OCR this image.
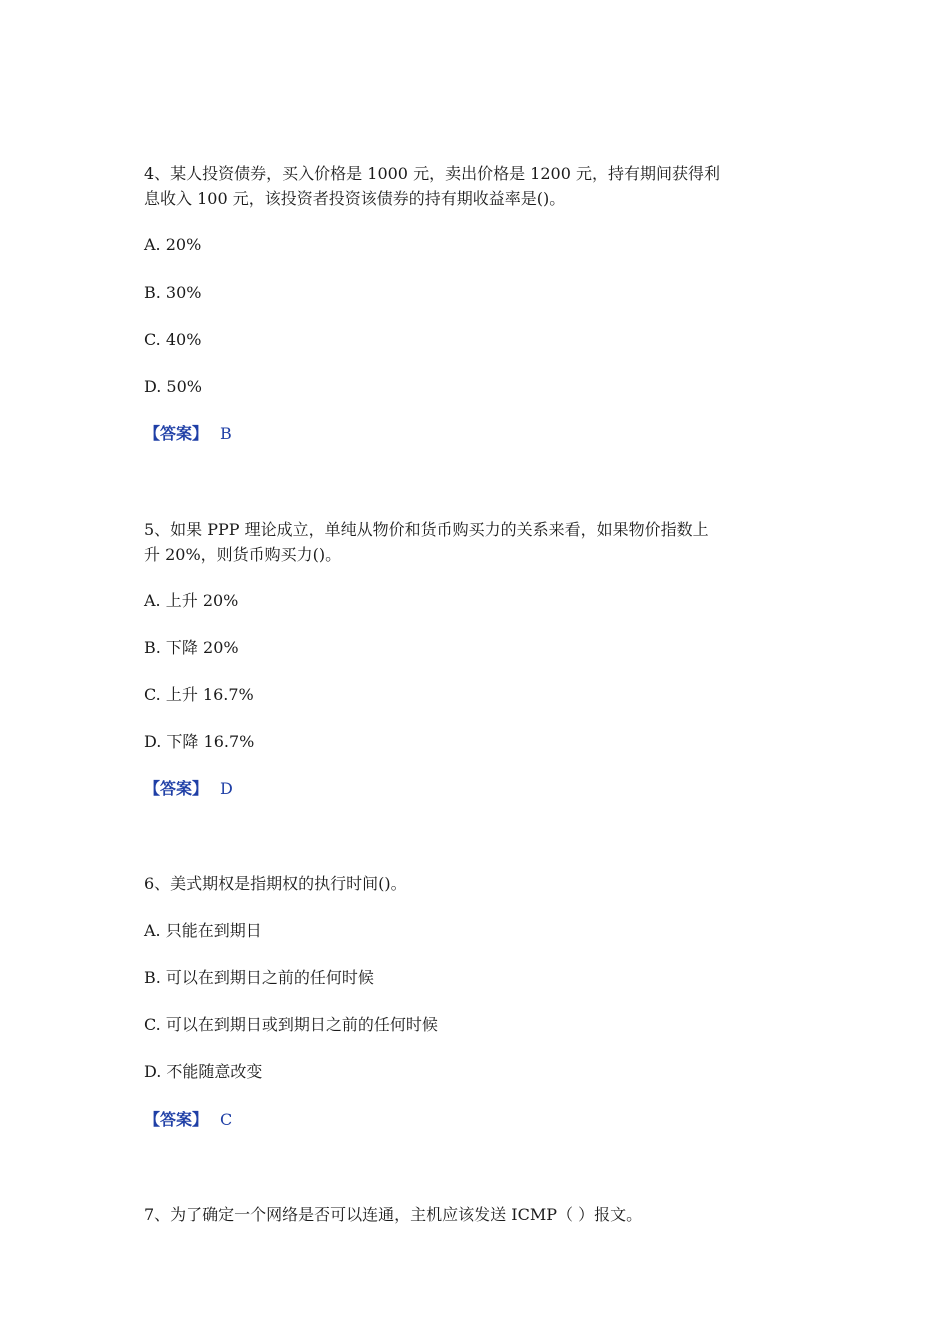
4、某人投资债券，买入价格是 1000 元，卖出价格是 1200 元，持有期间获得利
息收入 100 元，该投资者投资该债券的持有期收益率是()。
A. 20%
B. 30%
C. 40%
D. 50%
【答案】 B
5、如果 PPP 理论成立，单纯从物价和货币购买力的关系来看，如果物价指数上
升 20%，则货币购买力()。
A. 上升 20%
B. 下降 20%
C. 上升 16.7%
D. 下降 16.7%
【答案】 D
6、美式期权是指期权的执行时间()。
A. 只能在到期日
B. 可以在到期日之前的任何时候
C. 可以在到期日或到期日之前的任何时候
D. 不能随意改变
【答案】 C
7、为了确定一个网络是否可以连通，主机应该发送 ICMP（ ）报文。
